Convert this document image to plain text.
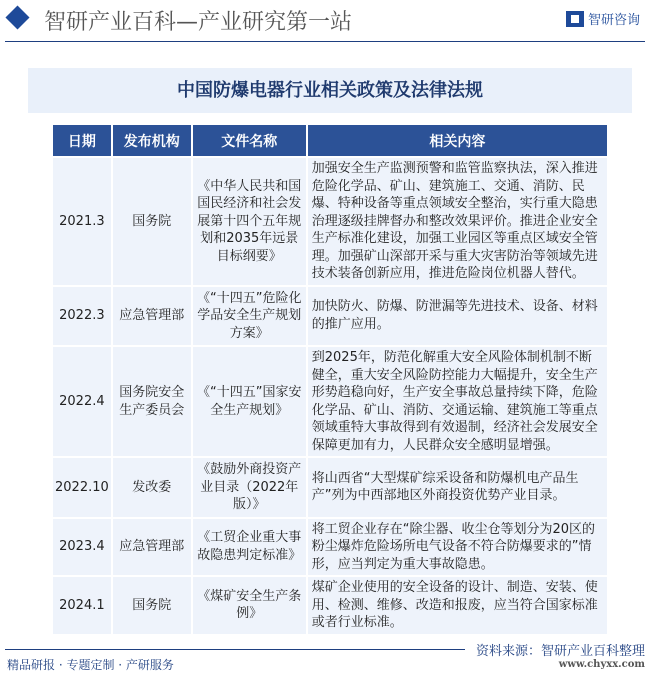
智研产业百科—产业研究第一站	智研咨询
中国防爆电器行业相关政策及法律法规
日期	发布机构	文件名称	相关内容
2021.3	国务院	《中华人民共和国国民经济和社会发展第十四个五年规划和2035年远景目标纲要》	加强安全生产监测预警和监管监察执法，深入推进危险化学品、矿山、建筑施工、交通、消防、民爆、特种设备等重点领域安全整治，实行重大隐患治理逐级挂牌督办和整改效果评价。推进企业安全生产标准化建设，加强工业园区等重点区域安全管理。加强矿山深部开采与重大灾害防治等领域先进技术装备创新应用，推进危险岗位机器人替代。
2022.3	应急管理部	《“十四五”危险化学品安全生产规划方案》	加快防火、防爆、防泄漏等先进技术、设备、材料的推广应用。
2022.4	国务院安全生产委员会	《“十四五”国家安全生产规划》	到2025年，防范化解重大安全风险体制机制不断健全，重大安全风险防控能力大幅提升，安全生产形势趋稳向好，生产安全事故总量持续下降，危险化学品、矿山、消防、交通运输、建筑施工等重点领域重特大事故得到有效遏制，经济社会发展安全保障更加有力，人民群众安全感明显增强。
2022.10	发改委	《鼓励外商投资产业目录（2022年版）》	将山西省“大型煤矿综采设备和防爆机电产品生产”列为中西部地区外商投资优势产业目录。
2023.4	应急管理部	《工贸企业重大事故隐患判定标准》	将工贸企业存在“除尘器、收尘仓等划分为20区的粉尘爆炸危险场所电气设备不符合防爆要求的”情形，应当判定为重大事故隐患。
2024.1	国务院	《煤矿安全生产条例》	煤矿企业使用的安全设备的设计、制造、安装、使用、检测、维修、改造和报废，应当符合国家标准或者行业标准。
资料来源：智研产业百科整理
www.chyxx.com
精品研报 · 专题定制 · 产研服务
